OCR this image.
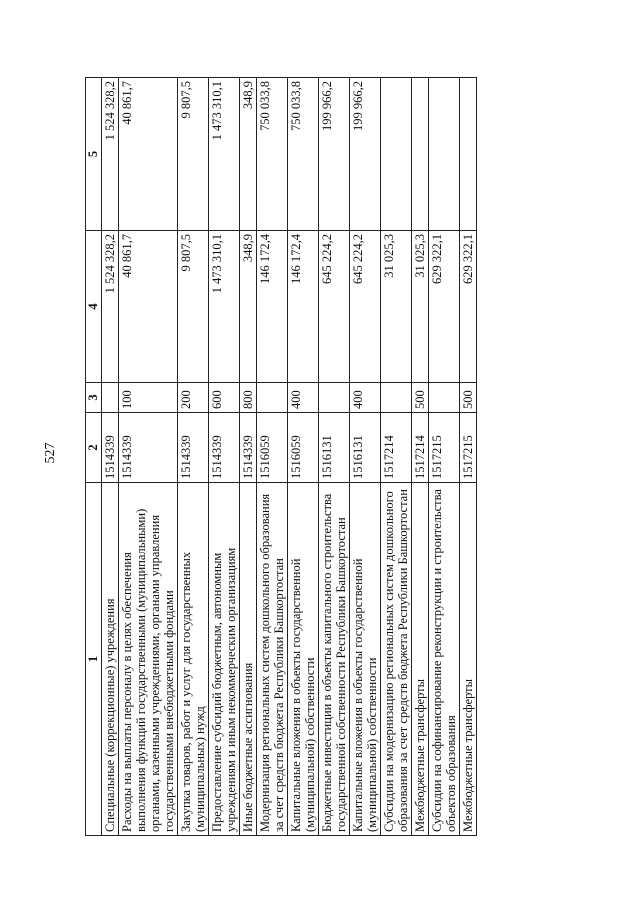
527
1	2	3	4	5
Специальные (коррекционные) учреждения	1514339		1 524 328,2	1 524 328,2
Расходы на выплаты персоналу в целях обеспечения выполнения функций государственными (муниципальными) органами, казенными учреждениями, органами управления государственными внебюджетными фондами	1514339	100	40 861,7	40 861,7
Закупка товаров, работ и услуг для государственных (муниципальных) нужд	1514339	200	9 807,5	9 807,5
Предоставление субсидий бюджетным, автономным учреждениям и иным некоммерческим организациям	1514339	600	1 473 310,1	1 473 310,1
Иные бюджетные ассигнования	1514339	800	348,9	348,9
Модернизация региональных систем дошкольного образования за счет средств бюджета Республики Башкортостан	1516059		146 172,4	750 033,8
Капитальные вложения в объекты государственной (муниципальной) собственности	1516059	400	146 172,4	750 033,8
Бюджетные инвестиции в объекты капитального строительства государственной собственности Республики Башкортостан	1516131		645 224,2	199 966,2
Капитальные вложения в объекты государственной (муниципальной) собственности	1516131	400	645 224,2	199 966,2
Субсидии на модернизацию региональных систем дошкольного образования за счет средств бюджета Республики Башкортостан	1517214		31 025,3	
Межбюджетные трансферты	1517214	500	31 025,3	
Субсидии на софинансирование реконструкции и строительства объектов образования	1517215		629 322,1	
Межбюджетные трансферты	1517215	500	629 322,1	
